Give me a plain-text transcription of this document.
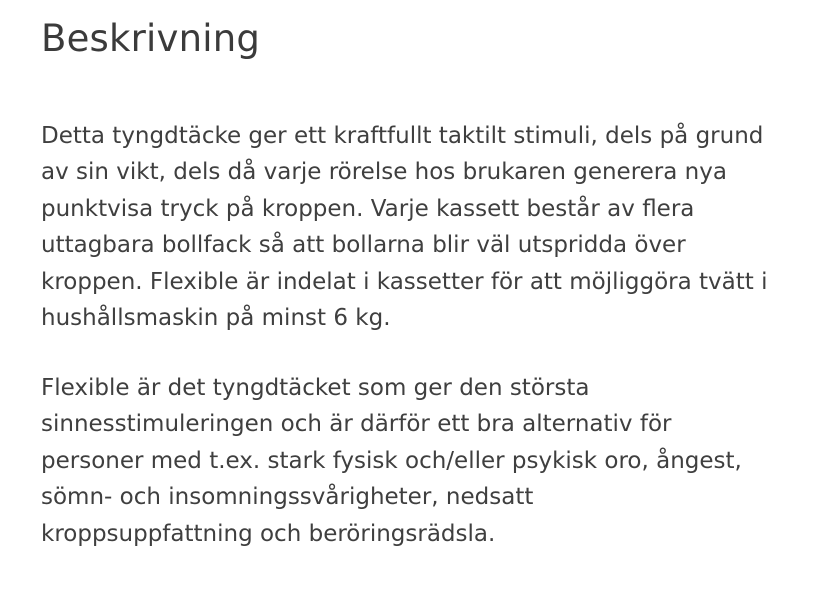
Beskrivning

Detta tyngdtäcke ger ett kraftfullt taktilt stimuli, dels på grund
av sin vikt, dels då varje rörelse hos brukaren generera nya
punktvisa tryck på kroppen. Varje kassett består av flera
uttagbara bollfack så att bollarna blir väl utspridda över
kroppen. Flexible är indelat i kassetter för att möjliggöra tvätt i
hushållsmaskin på minst 6 kg.

Flexible är det tyngdtäcket som ger den största
sinnesstimuleringen och är därför ett bra alternativ för
personer med t.ex. stark fysisk och/eller psykisk oro, ångest,
sömn- och insomningssvårigheter, nedsatt
kroppsuppfattning och beröringsrädsla.
